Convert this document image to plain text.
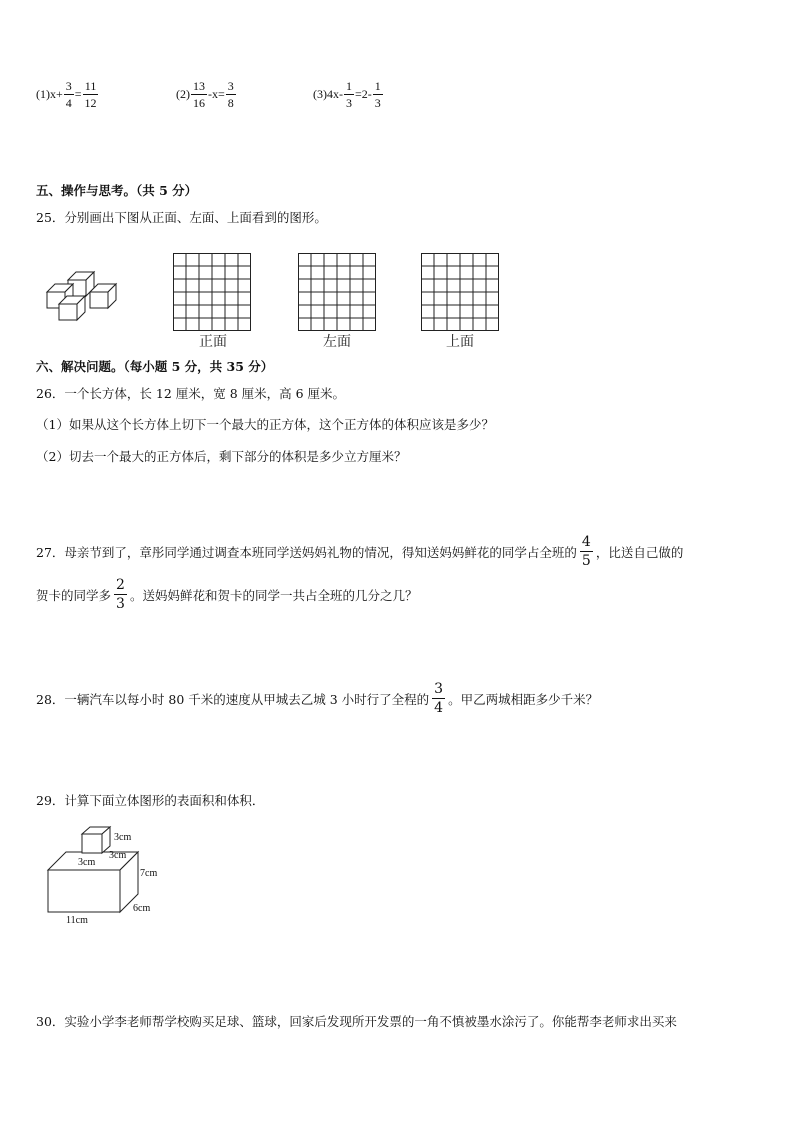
$(1)x+ \frac{3}{4} = \frac{11}{12}$	$(2) \frac{13}{16} -x= \frac{3}{8}$	$(3)4x- \frac{1}{3} =2- \frac{1}{3}$
五、操作与思考。（共 5 分）
25．分别画出下图从正面、左面、上面看到的图形。
正面	左面	上面
六、解决问题。（每小题 5 分，共 35 分）
26．一个长方体，长 12 厘米，宽 8 厘米，高 6 厘米。
（1）如果从这个长方体上切下一个最大的正方体，这个正方体的体积应该是多少？
（2）切去一个最大的正方体后，剩下部分的体积是多少立方厘米？
27．母亲节到了，章彤同学通过调查本班同学送妈妈礼物的情况，得知送妈妈鲜花的同学占全班的 $\frac{4}{5}$ ，比送自己做的
贺卡的同学多 $\frac{2}{3}$ 。送妈妈鲜花和贺卡的同学一共占全班的几分之几？
28．一辆汽车以每小时 80 千米的速度从甲城去乙城 3 小时行了全程的 $\frac{3}{4}$ 。甲乙两城相距多少千米？
29．计算下面立体图形的表面积和体积．
3cm
3cm
3cm
7cm
6cm
11cm
30．实验小学李老师帮学校购买足球、篮球，回家后发现所开发票的一角不慎被墨水涂污了。你能帮李老师求出买来
